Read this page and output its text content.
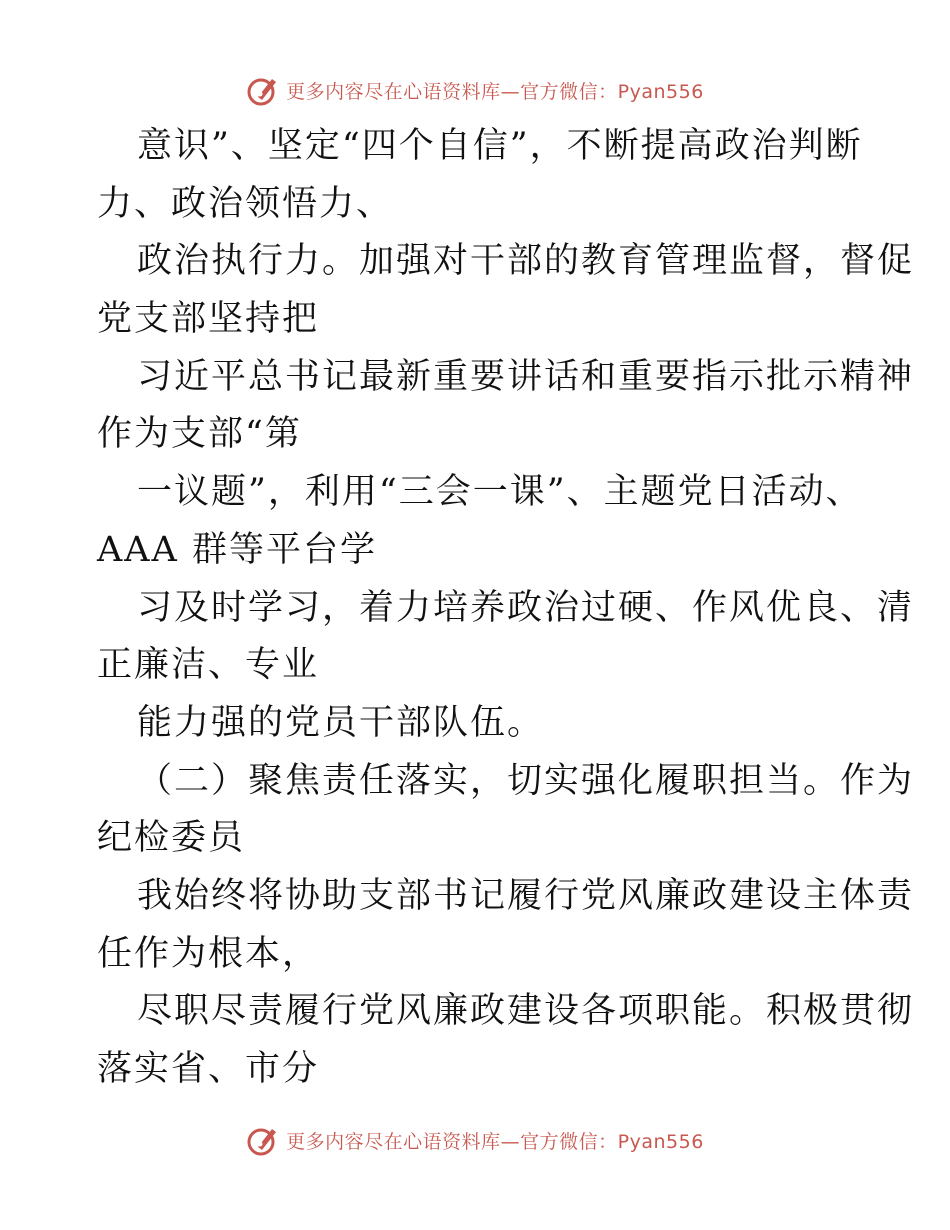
更多内容尽在心语资料库—官方微信：Pyan556
意识”、坚定“四个自信”，不断提高政治判断
力、政治领悟力、
政治执行力。加强对干部的教育管理监督，督促
党支部坚持把
习近平总书记最新重要讲话和重要指示批示精神
作为支部“第
一议题”，利用“三会一课”、主题党日活动、
AAA 群等平台学
习及时学习，着力培养政治过硬、作风优良、清
正廉洁、专业
能力强的党员干部队伍。
（二）聚焦责任落实，切实强化履职担当。作为
纪检委员
我始终将协助支部书记履行党风廉政建设主体责
任作为根本，
尽职尽责履行党风廉政建设各项职能。积极贯彻
落实省、市分
更多内容尽在心语资料库—官方微信：Pyan556
